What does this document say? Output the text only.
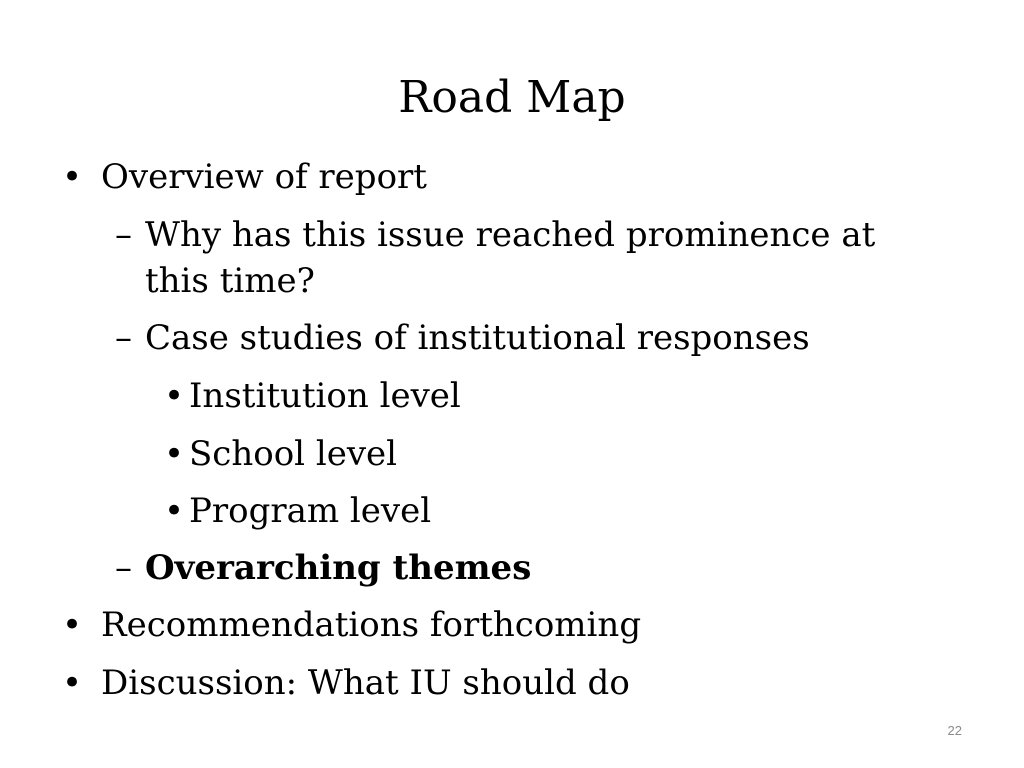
Road Map
• Overview of report
– Why has this issue reached prominence at
this time?
– Case studies of institutional responses
• Institution level
• School level
• Program level
– Overarching themes
• Recommendations forthcoming
• Discussion: What IU should do
22
